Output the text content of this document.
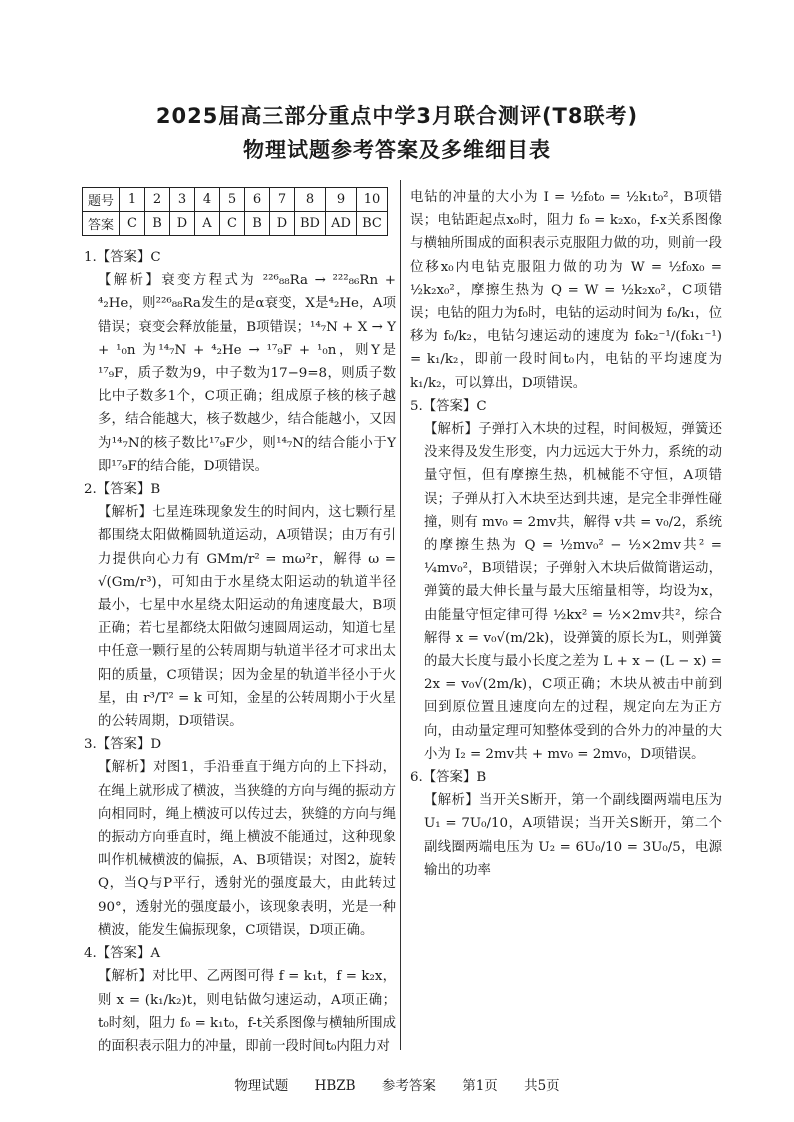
2025届高三部分重点中学3月联合测评(T8联考)
物理试题参考答案及多维细目表
题号	1	2	3	4	5	6	7	8	9	10
答案	C	B	D	A	C	B	D	BD	AD	BC
1.【答案】C
【解析】衰变方程式为 ²²⁶₈₈Ra → ²²²₈₆Rn + ⁴₂He，则²²⁶₈₈Ra发生的是α衰变，X是⁴₂He，A项错误；衰变会释放能量，B项错误；¹⁴₇N + X → Y + ¹₀n 为¹⁴₇N + ⁴₂He → ¹⁷₉F + ¹₀n，则Y是¹⁷₉F，质子数为9，中子数为17−9=8，则质子数比中子数多1个，C项正确；组成原子核的核子越多，结合能越大，核子数越少，结合能越小，又因为¹⁴₇N的核子数比¹⁷₉F少，则¹⁴₇N的结合能小于Y即¹⁷₉F的结合能，D项错误。
2.【答案】B
【解析】七星连珠现象发生的时间内，这七颗行星都围绕太阳做椭圆轨道运动，A项错误；由万有引力提供向心力有 GMm/r² = mω²r，解得 ω = √(Gm/r³)，可知由于水星绕太阳运动的轨道半径最小，七星中水星绕太阳运动的角速度最大，B项正确；若七星都绕太阳做匀速圆周运动，知道七星中任意一颗行星的公转周期与轨道半径才可求出太阳的质量，C项错误；因为金星的轨道半径小于火星，由 r³/T² = k 可知，金星的公转周期小于火星的公转周期，D项错误。
3.【答案】D
【解析】对图1，手沿垂直于绳方向的上下抖动，在绳上就形成了横波，当狭缝的方向与绳的振动方向相同时，绳上横波可以传过去，狭缝的方向与绳的振动方向垂直时，绳上横波不能通过，这种现象叫作机械横波的偏振，A、B项错误；对图2，旋转Q，当Q与P平行，透射光的强度最大，由此转过90°，透射光的强度最小，该现象表明，光是一种横波，能发生偏振现象，C项错误，D项正确。
4.【答案】A
【解析】对比甲、乙两图可得 f = k₁t，f = k₂x，则 x = (k₁/k₂)t，则电钻做匀速运动，A项正确；t₀时刻，阻力 f₀ = k₁t₀，f-t关系图像与横轴所围成的面积表示阻力的冲量，即前一段时间t₀内阻力对
电钻的冲量的大小为 I = ½f₀t₀ = ½k₁t₀²，B项错误；电钻距起点x₀时，阻力 f₀ = k₂x₀，f-x关系图像与横轴所围成的面积表示克服阻力做的功，则前一段位移x₀内电钻克服阻力做的功为 W = ½f₀x₀ = ½k₂x₀²，摩擦生热为 Q = W = ½k₂x₀²，C项错误；电钻的阻力为f₀时，电钻的运动时间为 f₀/k₁，位移为 f₀/k₂，电钻匀速运动的速度为 f₀k₂⁻¹/(f₀k₁⁻¹) = k₁/k₂，即前一段时间t₀内，电钻的平均速度为 k₁/k₂，可以算出，D项错误。
5.【答案】C
【解析】子弹打入木块的过程，时间极短，弹簧还没来得及发生形变，内力远远大于外力，系统的动量守恒，但有摩擦生热，机械能不守恒，A项错误；子弹从打入木块至达到共速，是完全非弹性碰撞，则有 mv₀ = 2mv共，解得 v共 = v₀/2，系统的摩擦生热为 Q = ½mv₀² − ½×2mv共² = ¼mv₀²，B项错误；子弹射入木块后做简谐运动，弹簧的最大伸长量与最大压缩量相等，均设为x，由能量守恒定律可得 ½kx² = ½×2mv共²，综合解得 x = v₀√(m/2k)，设弹簧的原长为L，则弹簧的最大长度与最小长度之差为 L + x − (L − x) = 2x = v₀√(2m/k)，C项正确；木块从被击中前到回到原位置且速度向左的过程，规定向左为正方向，由动量定理可知整体受到的合外力的冲量的大小为 I₂ = 2mv共 + mv₀ = 2mv₀，D项错误。
6.【答案】B
【解析】当开关S断开，第一个副线圈两端电压为 U₁ = 7U₀/10，A项错误；当开关S断开，第二个副线圈两端电压为 U₂ = 6U₀/10 = 3U₀/5，电源输出的功率
物理试题 HBZB 参考答案 第1页 共5页
